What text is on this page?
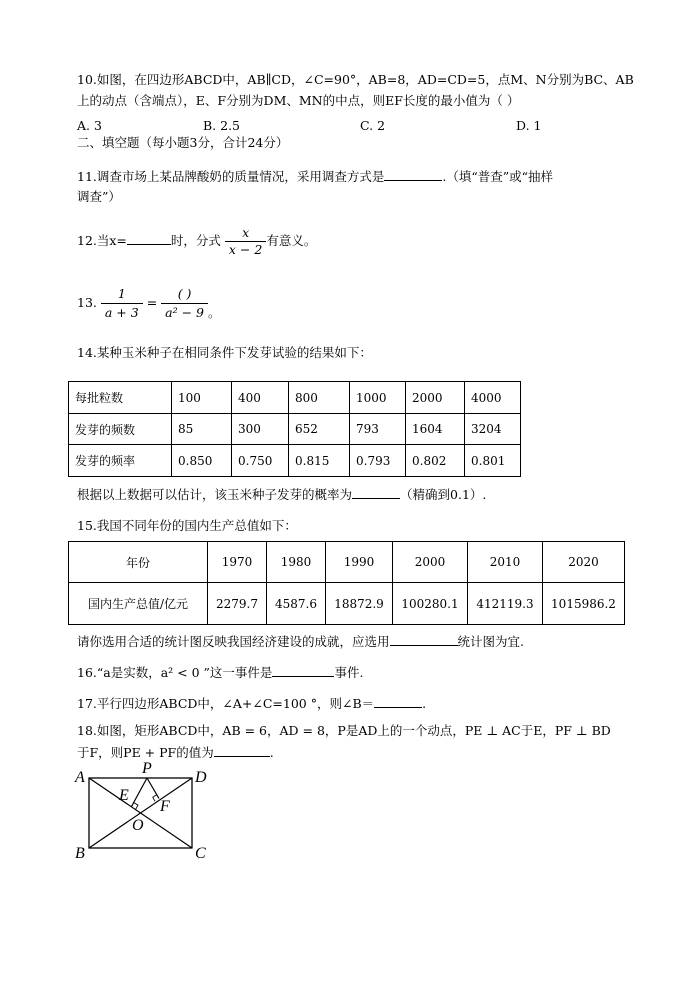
10.如图，在四边形ABCD中，AB∥CD，∠C=90°，AB=8，AD=CD=5，点M、N分别为BC、AB
上的动点（含端点），E、F分别为DM、MN的中点，则EF长度的最小值为（ ）
A. 3	B. 2.5	C. 2	D. 1
二、填空题（每小题3分，合计24分）
11.调查市场上某品牌酸奶的质量情况，采用调查方式是	.（填“普查”或“抽样
调查”）
12.当x=	时，分式 $\frac{x}{x - 2}$ 有意义。
13. $\frac{1}{a + 3} = \frac{( )}{\text{a² − 9}}$ 。
14.某种玉米种子在相同条件下发芽试验的结果如下：
每批粒数	100	400	800	1000	2000	4000
发芽的频数	85	300	652	793	1604	3204
发芽的频率	0.850	0.750	0.815	0.793	0.802	0.801
根据以上数据可以估计，该玉米种子发芽的概率为	（精确到0.1）.
15.我国不同年份的国内生产总值如下：
年份	1970	1980	1990	2000	2010	2020
国内生产总值/亿元	2279.7	4587.6	18872.9	100280.1	412119.3	1015986.2
请你选用合适的统计图反映我国经济建设的成就，应选用	统计图为宜.
16.“a是实数，a² < 0 ”这一事件是	事件.
17.平行四边形ABCD中，∠A+∠C=100 °，则∠B＝	.
18.如图，矩形ABCD中，AB = 6，AD = 8，P是AD上的一个动点，PE ⊥ AC于E，PF ⊥ BD
于F，则PE + PF的值为	.
A
P
D
E
F
O
B	C
